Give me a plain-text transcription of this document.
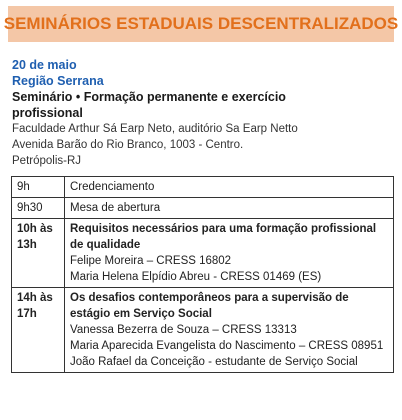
SEMINÁRIOS ESTADUAIS DESCENTRALIZADOS
20 de maio
Região Serrana
Seminário • Formação permanente e exercício profissional
Faculdade Arthur Sá Earp Neto, auditório Sa Earp Netto
Avenida Barão do Rio Branco, 1003 - Centro.
Petrópolis-RJ
9h	Credenciamento

9h30	Mesa de abertura

10h às 13h	Requisitos necessários para uma formação profissional de qualidade
Felipe Moreira – CRESS 16802
Maria Helena Elpídio Abreu - CRESS 01469 (ES)

14h às 17h	Os desafios contemporâneos para a supervisão de estágio em Serviço Social
Vanessa Bezerra de Souza – CRESS 13313
Maria Aparecida Evangelista do Nascimento – CRESS 08951
João Rafael da Conceição - estudante de Serviço Social
